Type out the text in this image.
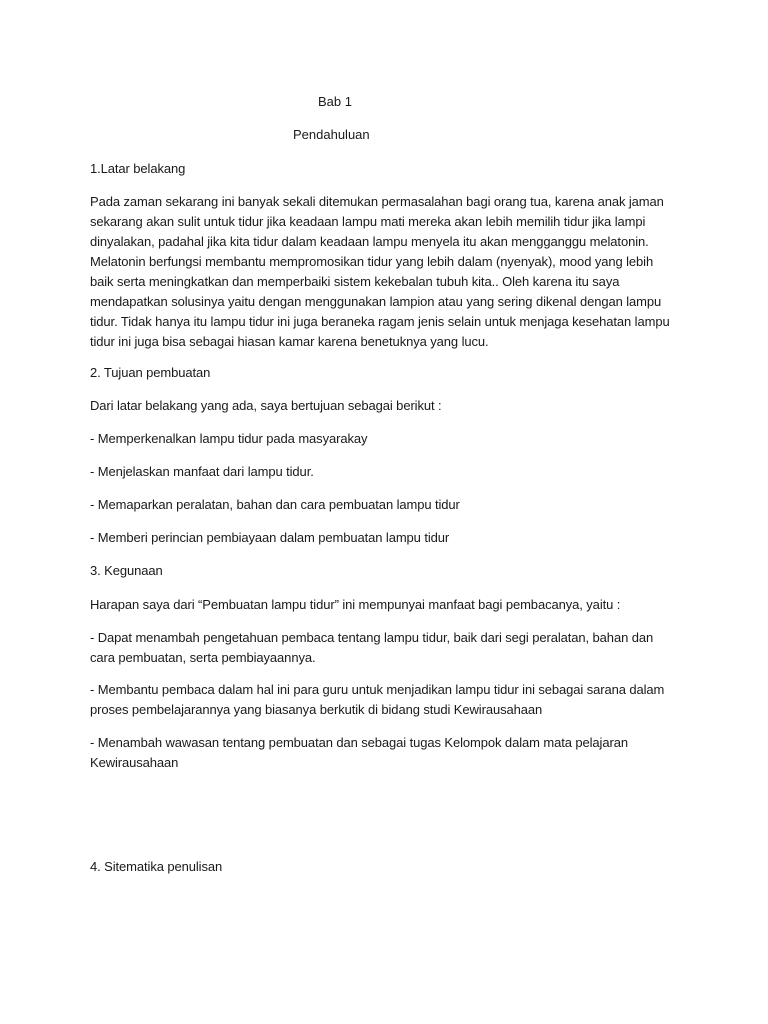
Bab 1
Pendahuluan
1.Latar belakang
Pada zaman sekarang ini banyak sekali ditemukan permasalahan bagi orang tua, karena anak jaman sekarang akan sulit untuk tidur jika keadaan lampu mati mereka akan lebih memilih tidur jika lampi dinyalakan, padahal jika kita tidur dalam keadaan lampu menyela itu akan mengganggu melatonin. Melatonin berfungsi membantu mempromosikan tidur yang lebih dalam (nyenyak), mood yang lebih baik serta meningkatkan dan memperbaiki sistem kekebalan tubuh kita.. Oleh karena itu saya mendapatkan solusinya yaitu dengan menggunakan lampion atau yang sering dikenal dengan lampu tidur. Tidak hanya itu lampu tidur ini juga beraneka ragam jenis selain untuk menjaga kesehatan lampu tidur ini juga bisa sebagai hiasan kamar karena benetuknya yang lucu.
2. Tujuan pembuatan
Dari latar belakang yang ada, saya bertujuan sebagai berikut :
- Memperkenalkan lampu tidur pada masyarakay
- Menjelaskan manfaat dari lampu tidur.
- Memaparkan peralatan, bahan dan cara pembuatan lampu tidur
- Memberi perincian pembiayaan dalam pembuatan lampu tidur
3. Kegunaan
Harapan saya dari “Pembuatan lampu tidur” ini mempunyai manfaat bagi pembacanya, yaitu :
- Dapat menambah pengetahuan pembaca tentang lampu tidur, baik dari segi peralatan, bahan dan cara pembuatan, serta pembiayaannya.
- Membantu pembaca dalam hal ini para guru untuk menjadikan lampu tidur ini sebagai sarana dalam proses pembelajarannya yang biasanya berkutik di bidang studi Kewirausahaan
- Menambah wawasan tentang pembuatan dan sebagai tugas Kelompok dalam mata pelajaran Kewirausahaan
4. Sitematika penulisan
